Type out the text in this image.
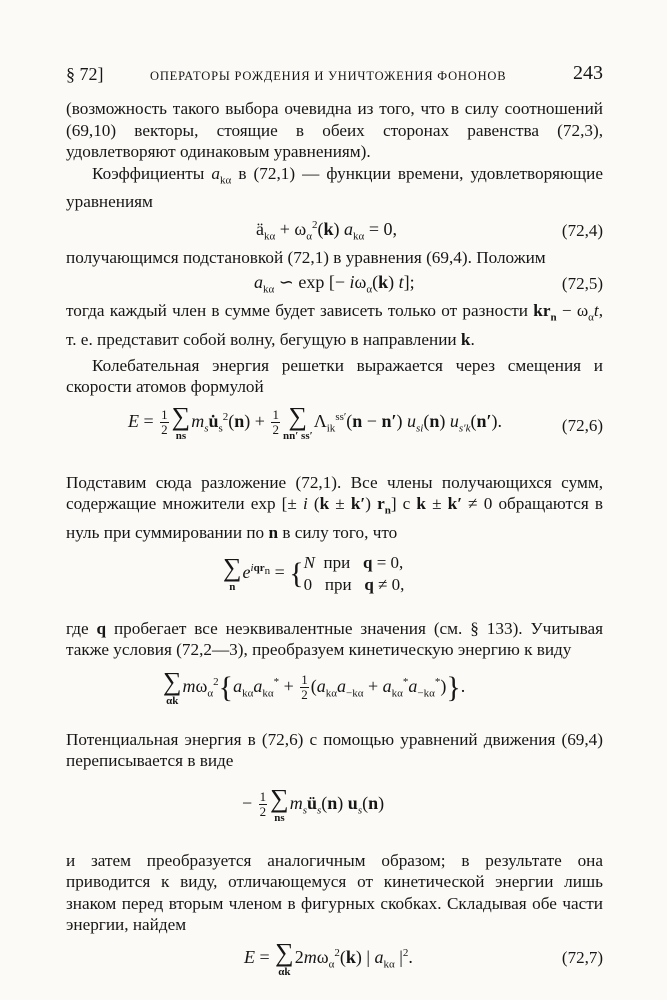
§ 72]	ОПЕРАТОРЫ РОЖДЕНИЯ И УНИЧТОЖЕНИЯ ФОНОНОВ	243

(возможность такого выбора очевидна из того, что в силу соотношений (69,10) векторы, стоящие в обеих сторонах равенства (72,3), удовлетворяют одинаковым уравнениям).

Коэффициенты $a_{k\alpha}$ в (72,1) — функции времени, удовлетворяющие уравнениям

$ä_{k\alpha} + \omega_\alpha^2(k) a_{k\alpha} = 0$,	(72,4)

получающимся подстановкой (72,1) в уравнения (69,4). Положим

$a_{k\alpha}$ ∽ exp [− $i\omega_\alpha(k)$ t];	(72,5)

тогда каждый член в сумме будет зависеть только от разности $kr_n - \omega_\alpha t$, т. е. представит собой волну, бегущую в направлении k.

Колебательная энергия решетки выражается через смещения и скорости атомов формулой

$E = \frac{1}{2}$ ∑
ns
$m_su̇_s^2(n) + \frac{1}{2}$ ∑
nn′ ss′
$\Lambda_{ik}^{ss'}(n - n')$ $u_{si}(n)$ $u_{s'k}(n')$.	(72,6)

Подставим сюда разложение (72,1). Все члены получающихся сумм, содержащие множители exp [± i (k ± k′) $r_n$] с k ± k′ ≠ 0 обращаются в нуль при суммировании по n в силу того, что

∑
n
$e^{iqr_n}$ = { N при q = 0,
0 при q ≠ 0,

где q пробегает все неэквивалентные значения (см. § 133). Учитывая также условия (72,2—3), преобразуем кинетическую энергию к виду

∑
αk
$m\omega_\alpha^2\{a_{k\alpha}a_{k\alpha}^* + \frac{1}{2} (a_{k\alpha}a_{-k\alpha} + a_{k\alpha}^*a_{-k\alpha}^*)\}$.

Потенциальная энергия в (72,6) с помощью уравнений движения (69,4) переписывается в виде

− $\frac{1}{2}$ ∑
ns
$m_sü_s(n)$ $u_s(n)$

и затем преобразуется аналогичным образом; в результате она приводится к виду, отличающемуся от кинетической энергии лишь знаком перед вторым членом в фигурных скобках. Складывая обе части энергии, найдем

E = ∑
αk
$2m\omega_\alpha^2(k)$ | $a_{k\alpha}$ $|^2$.	(72,7)
